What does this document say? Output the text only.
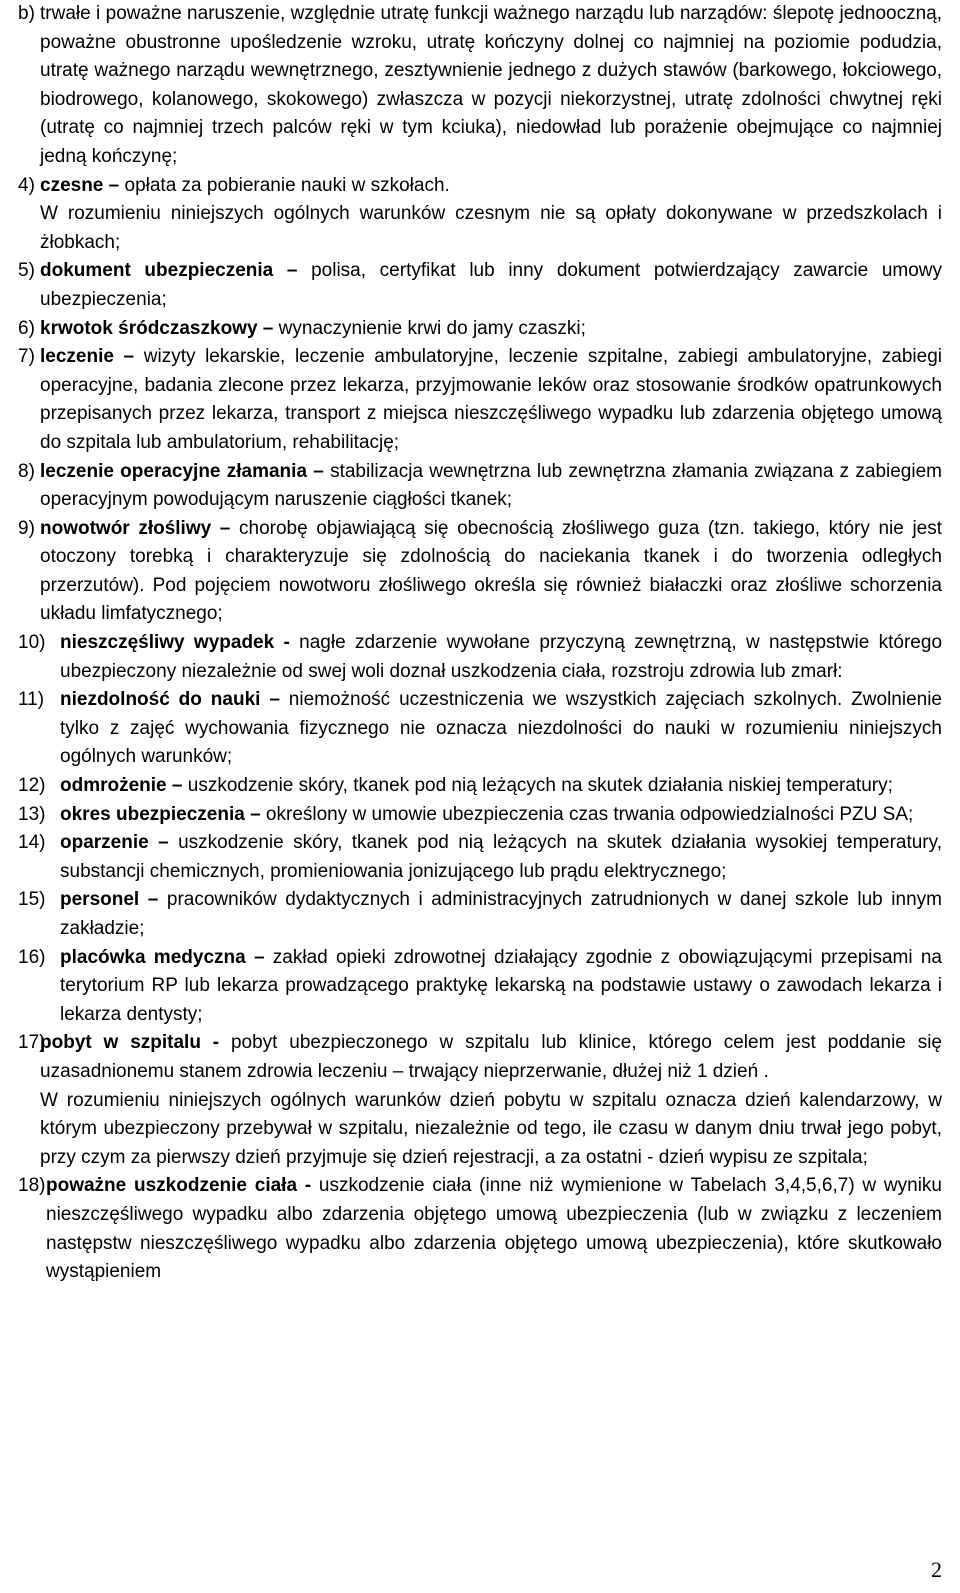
b) trwałe i poważne naruszenie, względnie utratę funkcji ważnego narządu lub narządów: ślepotę jednooczną, poważne obustronne upośledzenie wzroku, utratę kończyny dolnej co najmniej na poziomie podudzia, utratę ważnego narządu wewnętrznego, zesztywnienie jednego z dużych stawów (barkowego, łokciowego, biodrowego, kolanowego, skokowego) zwłaszcza w pozycji niekorzystnej, utratę zdolności chwytnej ręki (utratę co najmniej trzech palców ręki w tym kciuka), niedowład lub porażenie obejmujące co najmniej jedną kończynę;
4) czesne – opłata za pobieranie nauki w szkołach.
W rozumieniu niniejszych ogólnych warunków czesnym nie są opłaty dokonywane w przedszkolach i żłobkach;
5) dokument ubezpieczenia – polisa, certyfikat lub inny dokument potwierdzający zawarcie umowy ubezpieczenia;
6) krwotok śródczaszkowy – wynaczynienie krwi do jamy czaszki;
7) leczenie – wizyty lekarskie, leczenie ambulatoryjne, leczenie szpitalne, zabiegi ambulatoryjne, zabiegi operacyjne, badania zlecone przez lekarza, przyjmowanie leków oraz stosowanie środków opatrunkowych przepisanych przez lekarza, transport z miejsca nieszczęśliwego wypadku lub zdarzenia objętego umową do szpitala lub ambulatorium, rehabilitację;
8) leczenie operacyjne złamania – stabilizacja wewnętrzna lub zewnętrzna złamania związana z zabiegiem operacyjnym powodującym naruszenie ciągłości tkanek;
9) nowotwór złośliwy – chorobę objawiającą się obecnością złośliwego guza (tzn. takiego, który nie jest otoczony torebką i charakteryzuje się zdolnością do naciekania tkanek i do tworzenia odległych przerzutów). Pod pojęciem nowotworu złośliwego określa się również białaczki oraz złośliwe schorzenia układu limfatycznego;
10) nieszczęśliwy wypadek - nagłe zdarzenie wywołane przyczyną zewnętrzną, w następstwie którego ubezpieczony niezależnie od swej woli doznał uszkodzenia ciała, rozstroju zdrowia lub zmarł:
11) niezdolność do nauki – niemożność uczestniczenia we wszystkich zajęciach szkolnych. Zwolnienie tylko z zajęć wychowania fizycznego nie oznacza niezdolności do nauki w rozumieniu niniejszych ogólnych warunków;
12) odmrożenie – uszkodzenie skóry, tkanek pod nią leżących na skutek działania niskiej temperatury;
13) okres ubezpieczenia – określony w umowie ubezpieczenia czas trwania odpowiedzialności PZU SA;
14) oparzenie – uszkodzenie skóry, tkanek pod nią leżących na skutek działania wysokiej temperatury, substancji chemicznych, promieniowania jonizującego lub prądu elektrycznego;
15) personel – pracowników dydaktycznych i administracyjnych zatrudnionych w danej szkole lub innym zakładzie;
16) placówka medyczna – zakład opieki zdrowotnej działający zgodnie z obowiązującymi przepisami na terytorium RP lub lekarza prowadzącego praktykę lekarską na podstawie ustawy o zawodach lekarza i lekarza dentysty;
17)
pobyt w szpitalu - pobyt ubezpieczonego w szpitalu lub klinice, którego celem jest poddanie się uzasadnionemu stanem zdrowia leczeniu – trwający nieprzerwanie, dłużej niż 1 dzień .
W rozumieniu niniejszych ogólnych warunków dzień pobytu w szpitalu oznacza dzień kalendarzowy, w którym ubezpieczony przebywał w szpitalu, niezależnie od tego, ile czasu w danym dniu trwał jego pobyt, przy czym za pierwszy dzień przyjmuje się dzień rejestracji, a za ostatni - dzień wypisu ze szpitala;
18) poważne uszkodzenie ciała - uszkodzenie ciała (inne niż wymienione w Tabelach 3,4,5,6,7) w wyniku nieszczęśliwego wypadku albo zdarzenia objętego umową ubezpieczenia (lub w związku z leczeniem następstw nieszczęśliwego wypadku albo zdarzenia objętego umową ubezpieczenia), które skutkowało wystąpieniem
2
